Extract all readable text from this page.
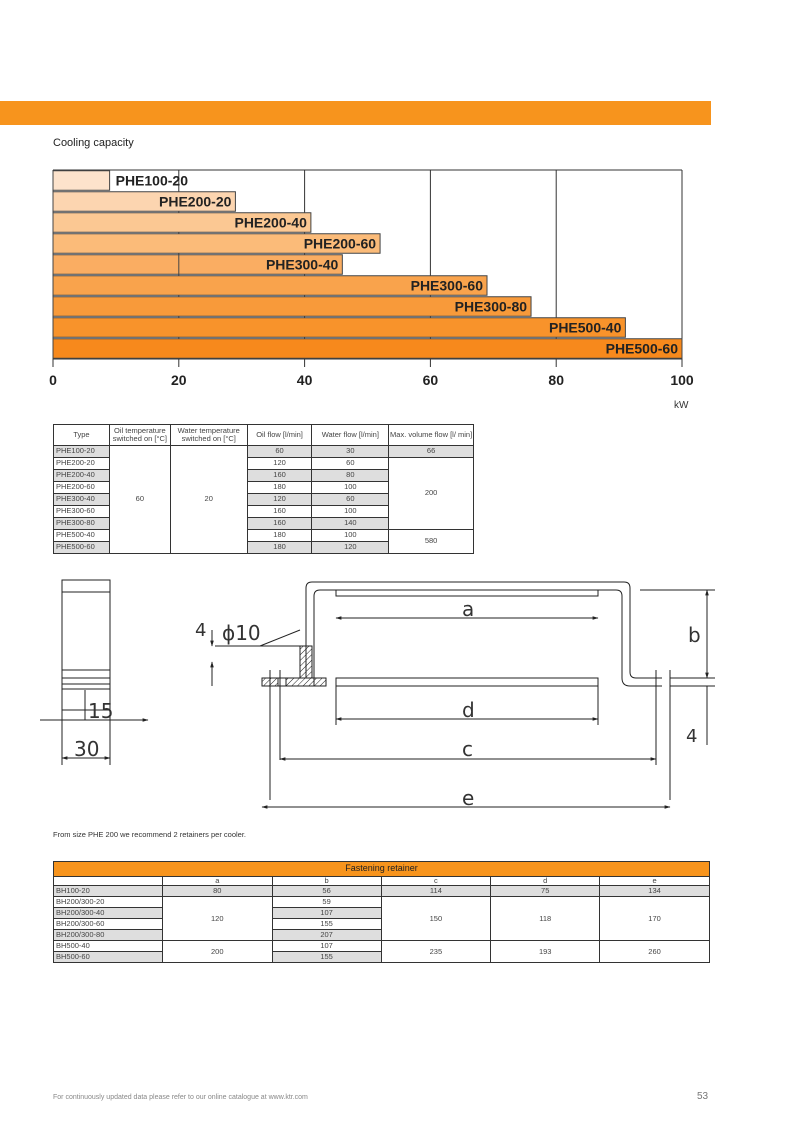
Cooling capacity
PHE100-20
PHE200-20
PHE200-40
PHE200-60
PHE300-40
PHE300-60
PHE300-80
PHE500-40
PHE500-60
0	20	40	60	80	100
kW
Type	Oil temperature switched on [°C]	Water temperature switched on [°C]	Oil flow [l/min]	Water flow [l/min]	Max. volume flow [l/ min]
PHE100-20	60	20	60	30	66
PHE200-20			120	60	200
PHE200-40			160	80	
PHE200-60			180	100	
PHE300-40			120	60	
PHE300-60			160	100	
PHE300-80			160	140	
PHE500-40			180	100	580
PHE500-60			180	120	
15
30
4 ϕ10
a
d
c
e
b
4
From size PHE 200 we recommend 2 retainers per cooler.
Fastening retainer					
	a	b	c	d	e
BH100-20	80	56	114	75	134
BH200/300-20	120	59	150	118	170
BH200/300-40		107			
BH200/300-60		155			
BH200/300-80		207			
BH500-40	200	107	235	193	260
BH500-60		155			
For continuously updated data please refer to our online catalogue at www.ktr.com	53
